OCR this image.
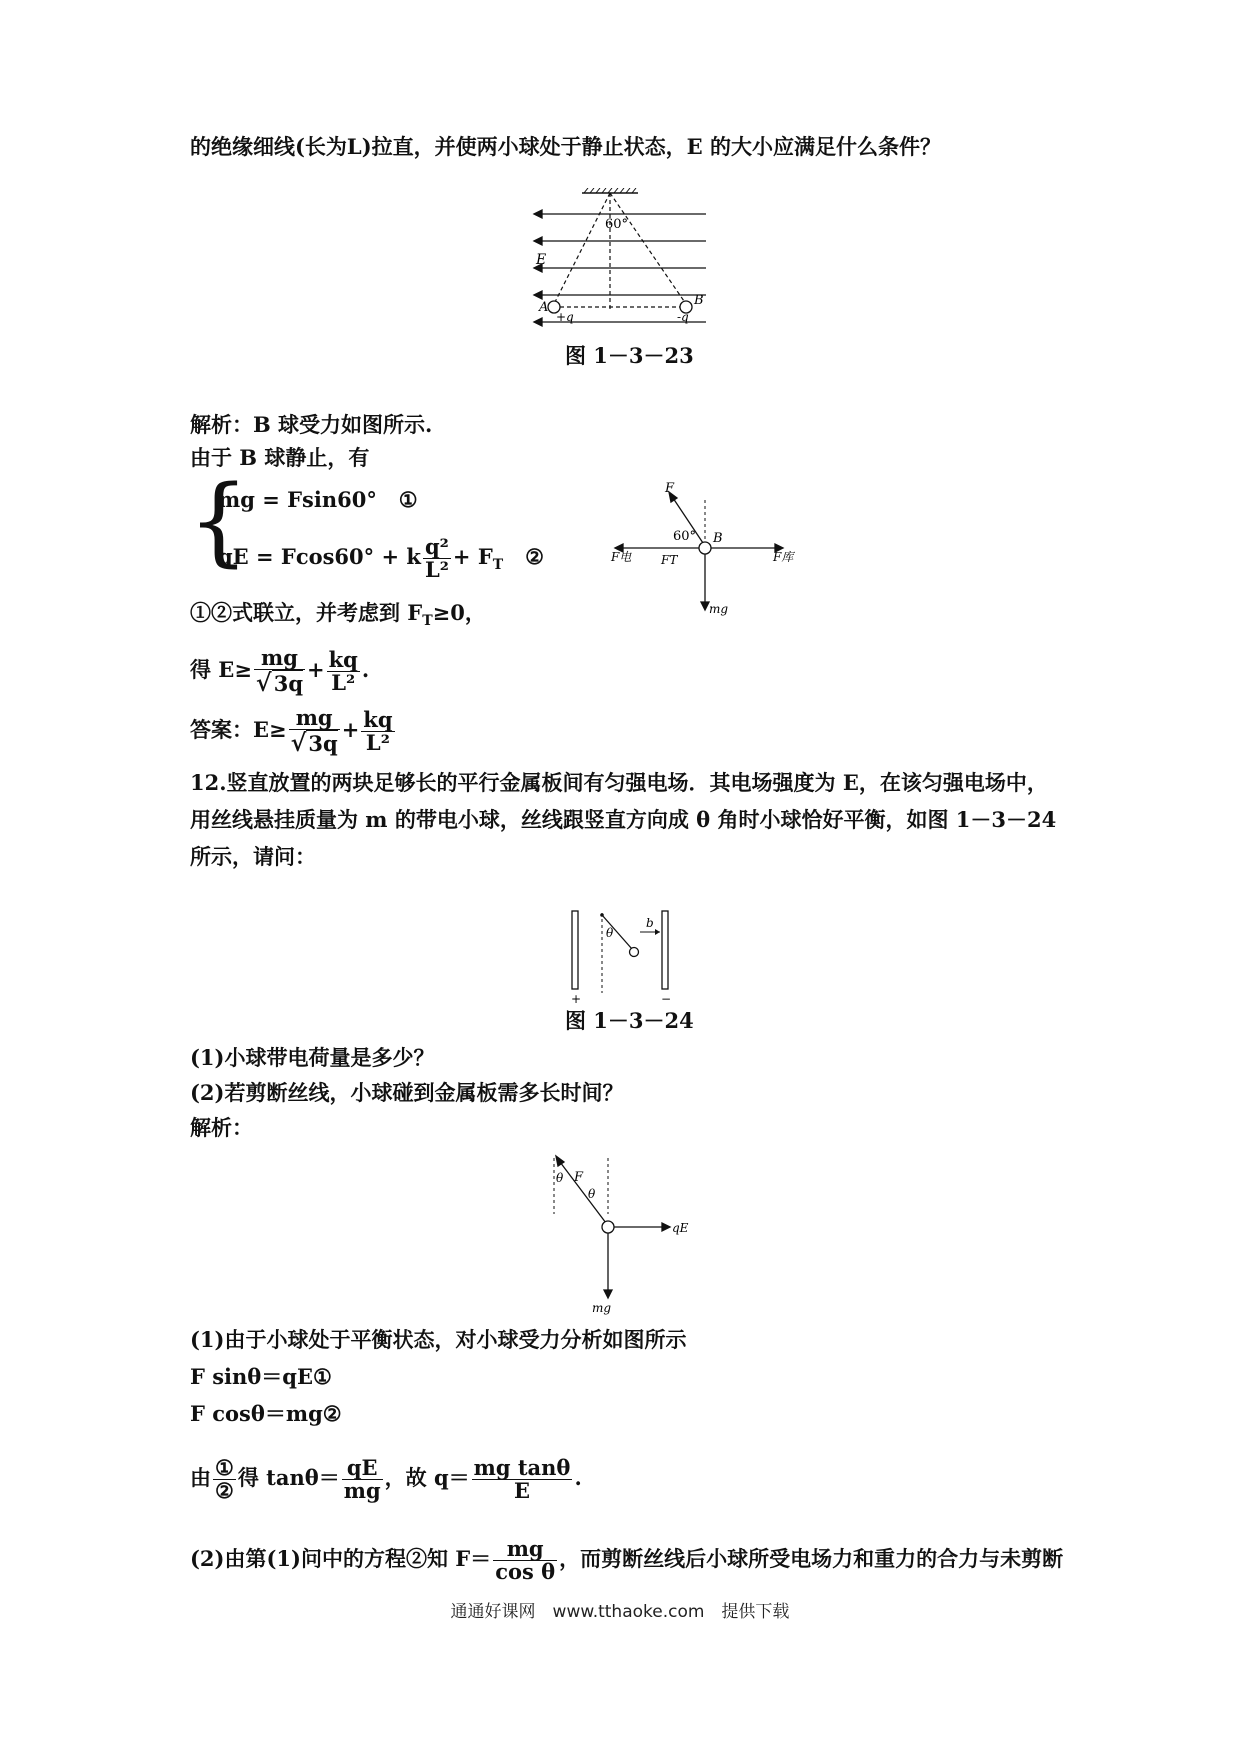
的绝缘细线(长为L)拉直，并使两小球处于静止状态，E 的大小应满足什么条件？
60°
E
A
+q
B
-q
图 1－3－23
解析：B 球受力如图所示.
由于 B 球静止，有
{
mg = Fsin60° ①
qE = Fcos60° + k $\frac{\text{q²}}{\text{L²}} + F_T$ ②
①②式联立，并考虑到 $F_T\ge 0$，
得 $E\ge \frac{mg}{√3q} + \frac{kq}{\text{L²}}$ .
答案：$E\ge \frac{mg}{√3q} + \frac{kq}{\text{L²}}$
F
60° B
F电 FT	F库
mg
12.竖直放置的两块足够长的平行金属板间有匀强电场．其电场强度为 E，在该匀强电场中，
用丝线悬挂质量为 m 的带电小球，丝线跟竖直方向成 θ 角时小球恰好平衡，如图 1－3－24
所示，请问：
θ
b
+	−
图 1－3－24
(1)小球带电荷量是多少？
(2)若剪断丝线，小球碰到金属板需多长时间？
解析：
θ F
θ
qE
mg
(1)由于小球处于平衡状态，对小球受力分析如图所示
F sinθ＝qE①
F cosθ＝mg②
由 $\frac{\text{①}}{\text{②}}$ 得 $\tan\theta= \frac{qE}{mg}$ ，故 $q= \frac{\text{mg tanθ}}{E}$ .
(2)由第(1)问中的方程②知 $F= \frac{mg}{\text{cos θ}}$ ，而剪断丝线后小球所受电场力和重力的合力与未剪断
通通好课网　www.tthaoke.com　提供下载
